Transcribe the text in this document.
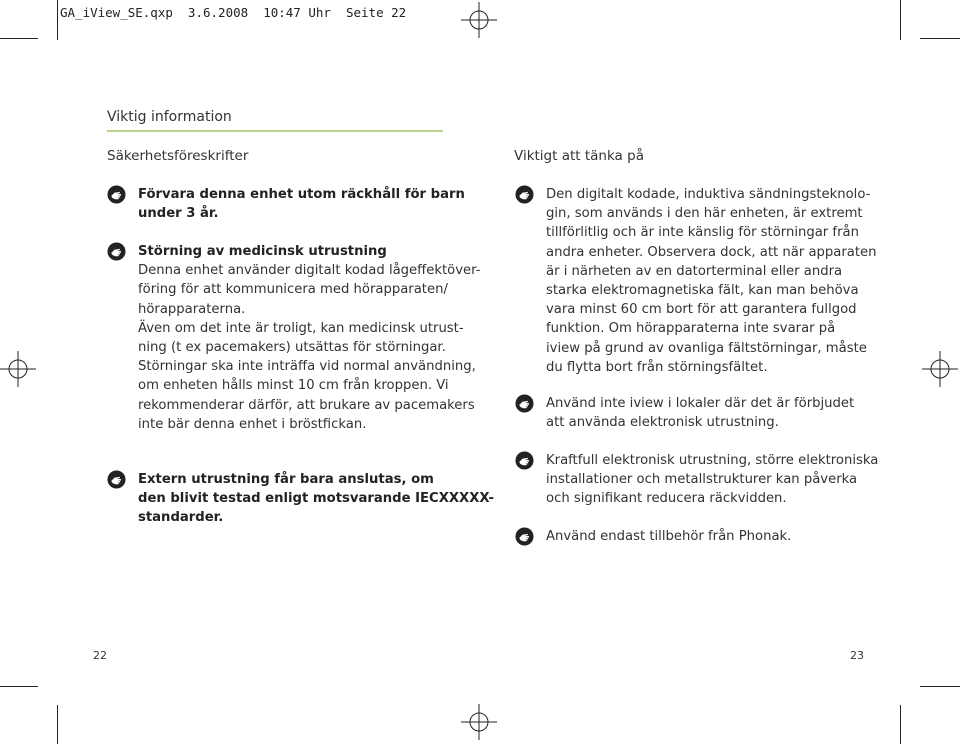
GA_iView_SE.qxp  3.6.2008  10:47 Uhr  Seite 22
Viktig information
Säkerhetsföreskrifter
Förvara denna enhet utom räckhåll för barn
under 3 år.
Störning av medicinsk utrustning
Denna enhet använder digitalt kodad lågeffektöver-
föring för att kommunicera med hörapparaten/
hörapparaterna.
Även om det inte är troligt, kan medicinsk utrust-
ning (t ex pacemakers) utsättas för störningar.
Störningar ska inte inträffa vid normal användning,
om enheten hålls minst 10 cm från kroppen. Vi
rekommenderar därför, att brukare av pacemakers
inte bär denna enhet i bröstfickan.
Extern utrustning får bara anslutas, om
den blivit testad enligt motsvarande IECXXXXX-
standarder.
Viktigt att tänka på
Den digitalt kodade, induktiva sändningsteknolo-
gin, som används i den här enheten, är extremt
tillförlitlig och är inte känslig för störningar från
andra enheter. Observera dock, att när apparaten
är i närheten av en datorterminal eller andra
starka elektromagnetiska fält, kan man behöva
vara minst 60 cm bort för att garantera fullgod
funktion. Om hörapparaterna inte svarar på
iview på grund av ovanliga fältstörningar, måste
du flytta bort från störningsfältet.
Använd inte iview i lokaler där det är förbjudet
att använda elektronisk utrustning.
Kraftfull elektronisk utrustning, större elektroniska
installationer och metallstrukturer kan påverka
och signifikant reducera räckvidden.
Använd endast tillbehör från Phonak.
22	23
